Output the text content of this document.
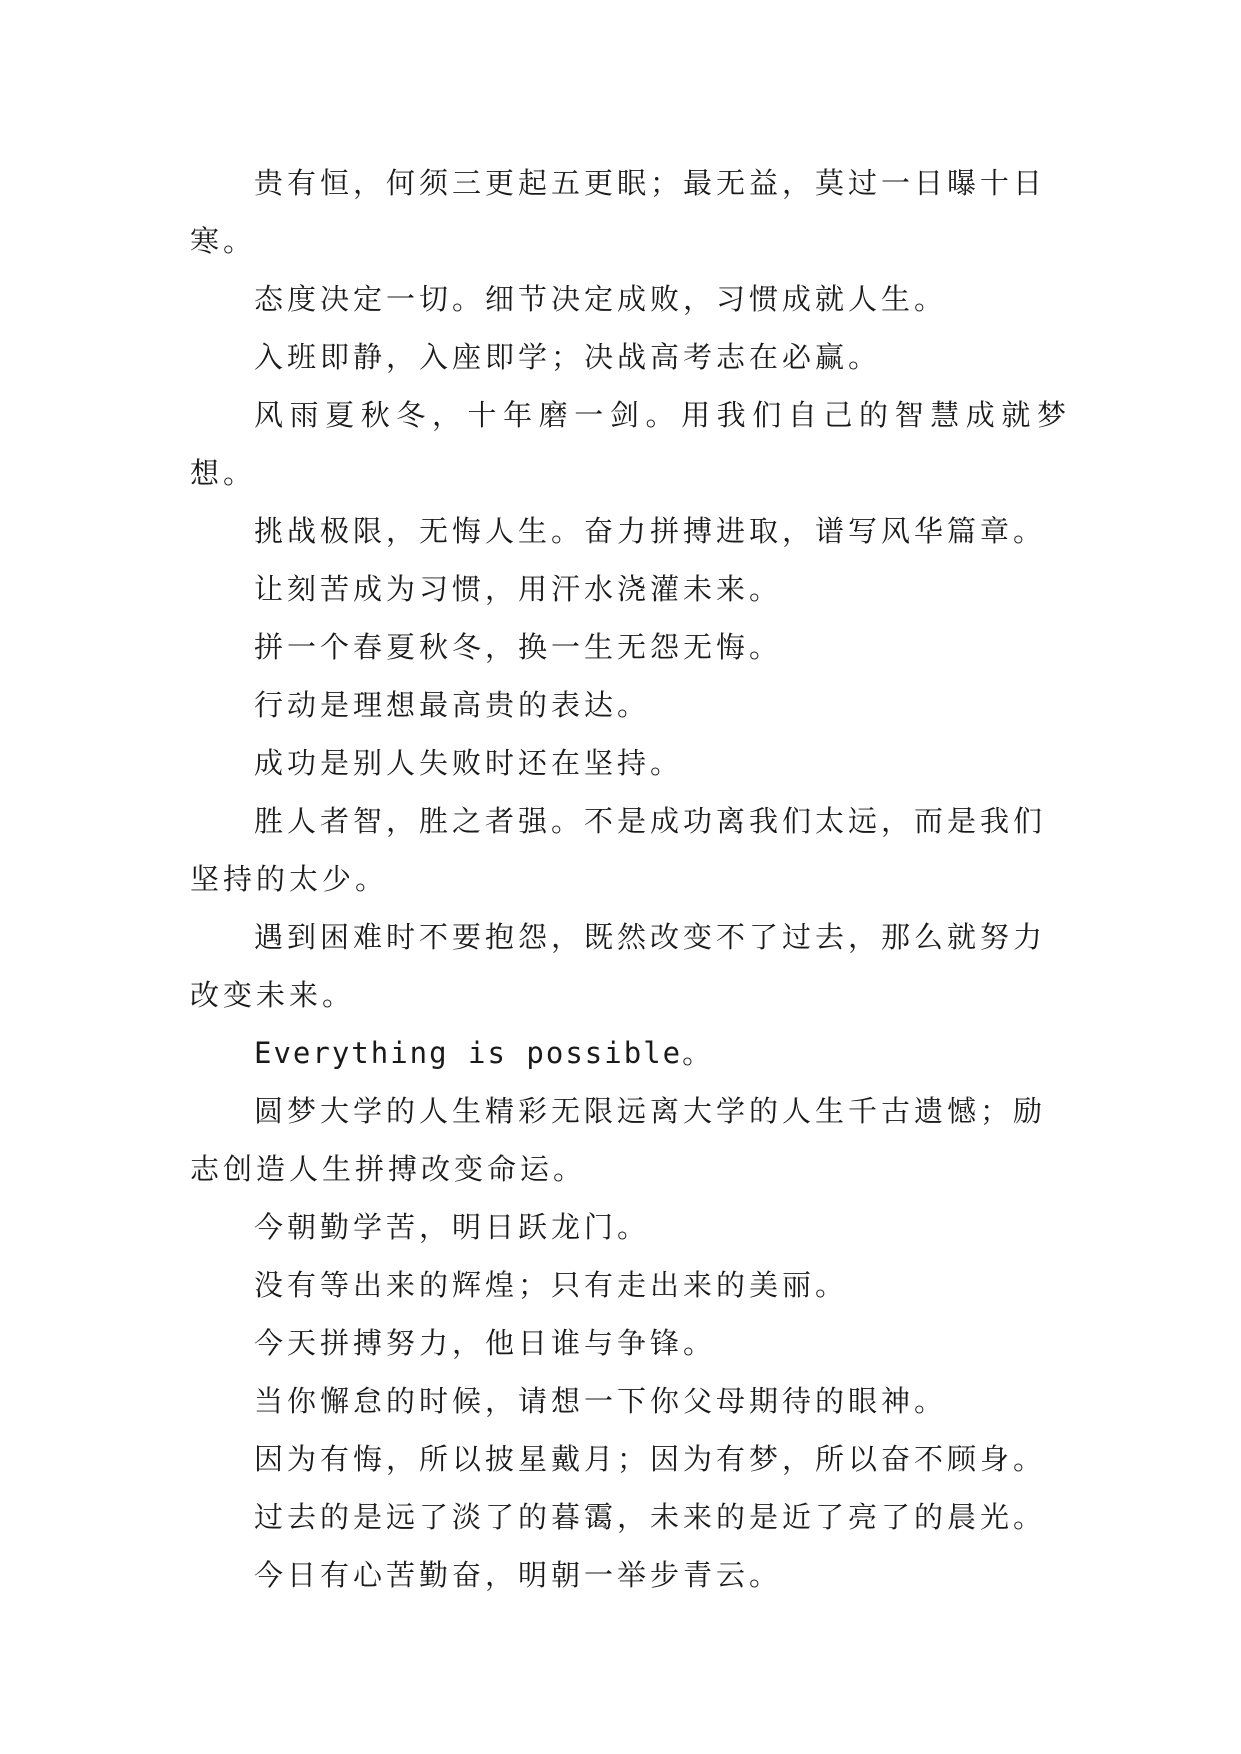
贵有恒，何须三更起五更眠；最无益，莫过一日曝十日
寒。

态度决定一切。细节决定成败，习惯成就人生。

入班即静，入座即学；决战高考志在必赢。

风雨夏秋冬，十年磨一剑。用我们自己的智慧成就梦想。

挑战极限，无悔人生。奋力拼搏进取，谱写风华篇章。

让刻苦成为习惯，用汗水浇灌未来。

拼一个春夏秋冬，换一生无怨无悔。

行动是理想最高贵的表达。

成功是别人失败时还在坚持。

胜人者智，胜之者强。不是成功离我们太远，而是我们
坚持的太少。

遇到困难时不要抱怨，既然改变不了过去，那么就努力
改变未来。

Everything is possible。

圆梦大学的人生精彩无限远离大学的人生千古遗憾；励
志创造人生拼搏改变命运。

今朝勤学苦，明日跃龙门。

没有等出来的辉煌；只有走出来的美丽。

今天拼搏努力，他日谁与争锋。

当你懈怠的时候，请想一下你父母期待的眼神。

因为有悔，所以披星戴月；因为有梦，所以奋不顾身。

过去的是远了淡了的暮霭，未来的是近了亮了的晨光。

今日有心苦勤奋，明朝一举步青云。
